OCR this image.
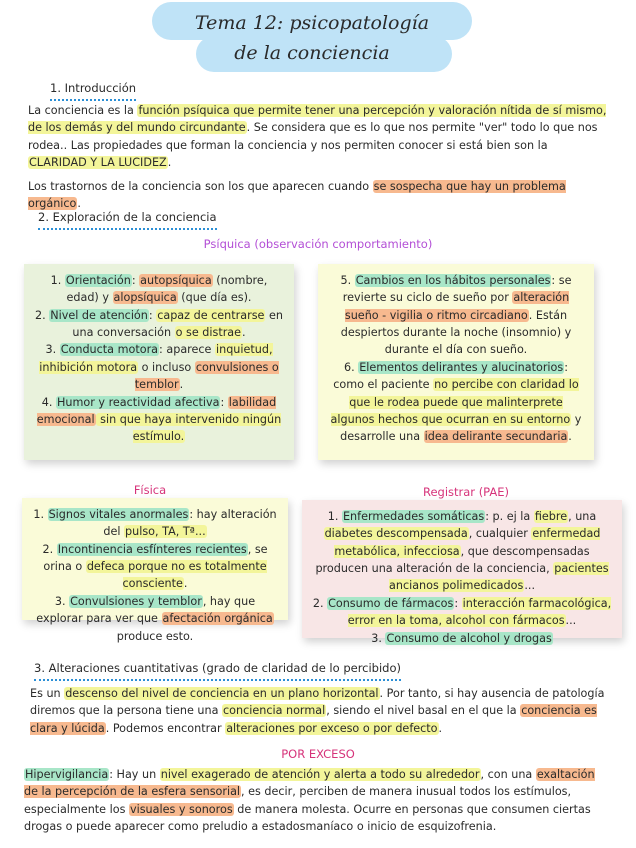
Tema 12: psicopatología
de la conciencia
1. Introducción
La conciencia es la función psíquica que permite tener una percepción y valoración nítida de sí mismo, de los demás y del mundo circundante. Se considera que es lo que nos permite "ver" todo lo que nos rodea.. Las propiedades que forman la conciencia y nos permiten conocer si está bien son la CLARIDAD Y LA LUCIDEZ.
Los trastornos de la conciencia son los que aparecen cuando se sospecha que hay un problema orgánico.
2. Exploración de la conciencia
Psíquica (observación comportamiento)

1. Orientación: autopsíquica (nombre, edad) y alopsíquica (que día es).

2. Nivel de atención: capaz de centrarse en una conversación o se distrae.

3. Conducta motora: aparece inquietud, inhibición motora o incluso convulsiones o temblor.

4. Humor y reactividad afectiva: labilidad emocional sin que haya intervenido ningún estímulo.

5. Cambios en los hábitos personales: se revierte su ciclo de sueño por alteración sueño - vigilia o ritmo circadiano. Están despiertos durante la noche (insomnio) y durante el día con sueño.

6. Elementos delirantes y alucinatorios: como el paciente no percibe con claridad lo que le rodea puede que malinterprete algunos hechos que ocurran en su entorno y desarrolle una idea delirante secundaria.

Física	Registrar (PAE)

1. Signos vitales anormales: hay alteración del pulso, TA, Tª...

2. Incontinencia esfínteres recientes, se orina o defeca porque no es totalmente consciente.

3. Convulsiones y temblor, hay que explorar para ver que afectación orgánica produce esto.

1. Enfermedades somáticas: p. ej la fiebre, una diabetes descompensada, cualquier enfermedad metabólica, infecciosa, que descompensadas producen una alteración de la conciencia, pacientes ancianos polimedicados...

2. Consumo de fármacos: interacción farmacológica, error en la toma, alcohol con fármacos...

3. Consumo de alcohol y drogas

3. Alteraciones cuantitativas (grado de claridad de lo percibido)
Es un descenso del nivel de conciencia en un plano horizontal. Por tanto, si hay ausencia de patología diremos que la persona tiene una conciencia normal, siendo el nivel basal en el que la conciencia es clara y lúcida. Podemos encontrar alteraciones por exceso o por defecto.
POR EXCESO
Hipervigilancia: Hay un nivel exagerado de atención y alerta a todo su alrededor, con una exaltación de la percepción de la esfera sensorial, es decir, perciben de manera inusual todos los estímulos, especialmente los visuales y sonoros de manera molesta. Ocurre en personas que consumen ciertas drogas o puede aparecer como preludio a estadosmaníaco o inicio de esquizofrenia.
